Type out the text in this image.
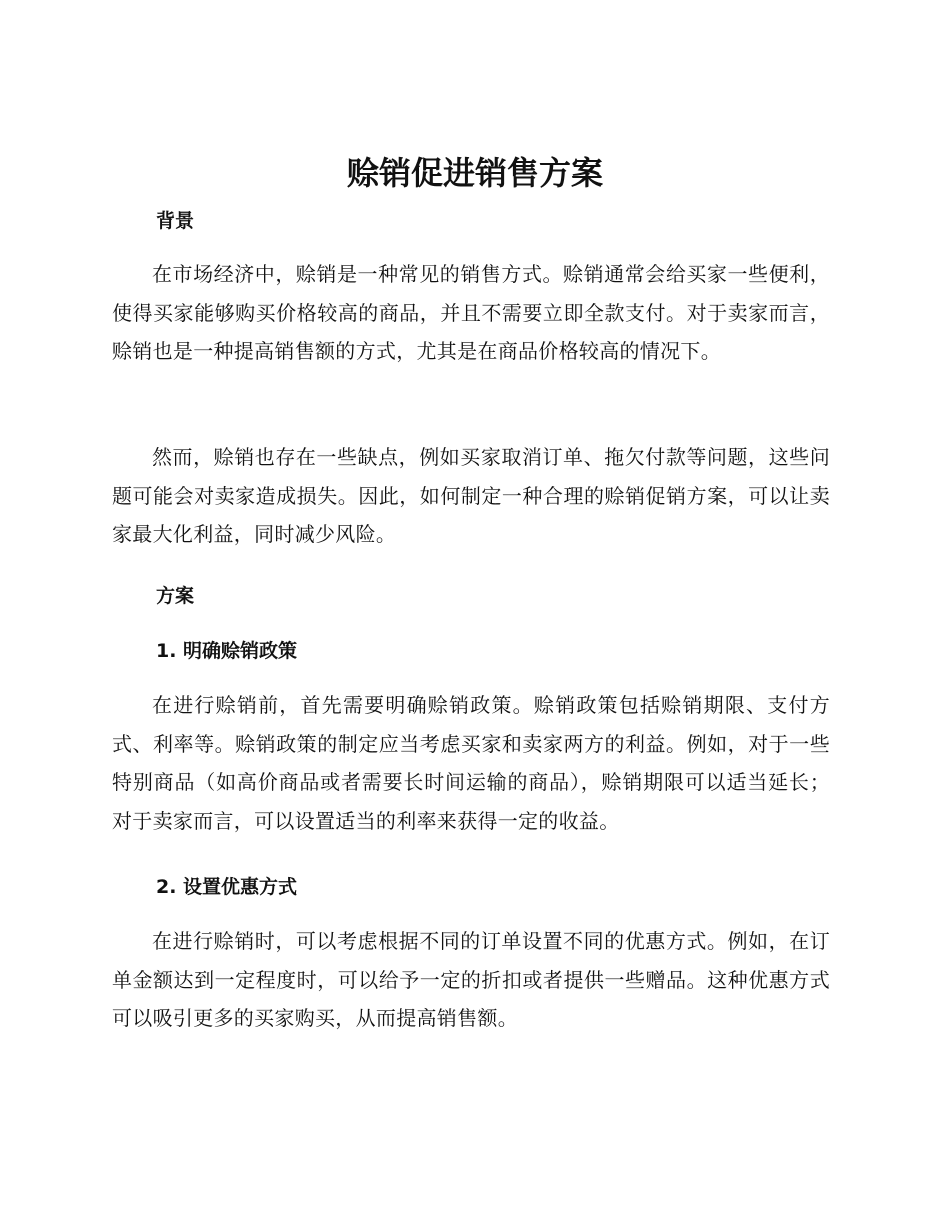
赊销促进销售方案
背景

在市场经济中，赊销是一种常见的销售方式。赊销通常会给买家一些便利，使得买家能够购买价格较高的商品，并且不需要立即全款支付。对于卖家而言，赊销也是一种提高销售额的方式，尤其是在商品价格较高的情况下。

然而，赊销也存在一些缺点，例如买家取消订单、拖欠付款等问题，这些问题可能会对卖家造成损失。因此，如何制定一种合理的赊销促销方案，可以让卖家最大化利益，同时减少风险。

方案
1. 明确赊销政策

在进行赊销前，首先需要明确赊销政策。赊销政策包括赊销期限、支付方式、利率等。赊销政策的制定应当考虑买家和卖家两方的利益。例如，对于一些特别商品（如高价商品或者需要长时间运输的商品），赊销期限可以适当延长；对于卖家而言，可以设置适当的利率来获得一定的收益。

2. 设置优惠方式

在进行赊销时，可以考虑根据不同的订单设置不同的优惠方式。例如，在订单金额达到一定程度时，可以给予一定的折扣或者提供一些赠品。这种优惠方式可以吸引更多的买家购买，从而提高销售额。
